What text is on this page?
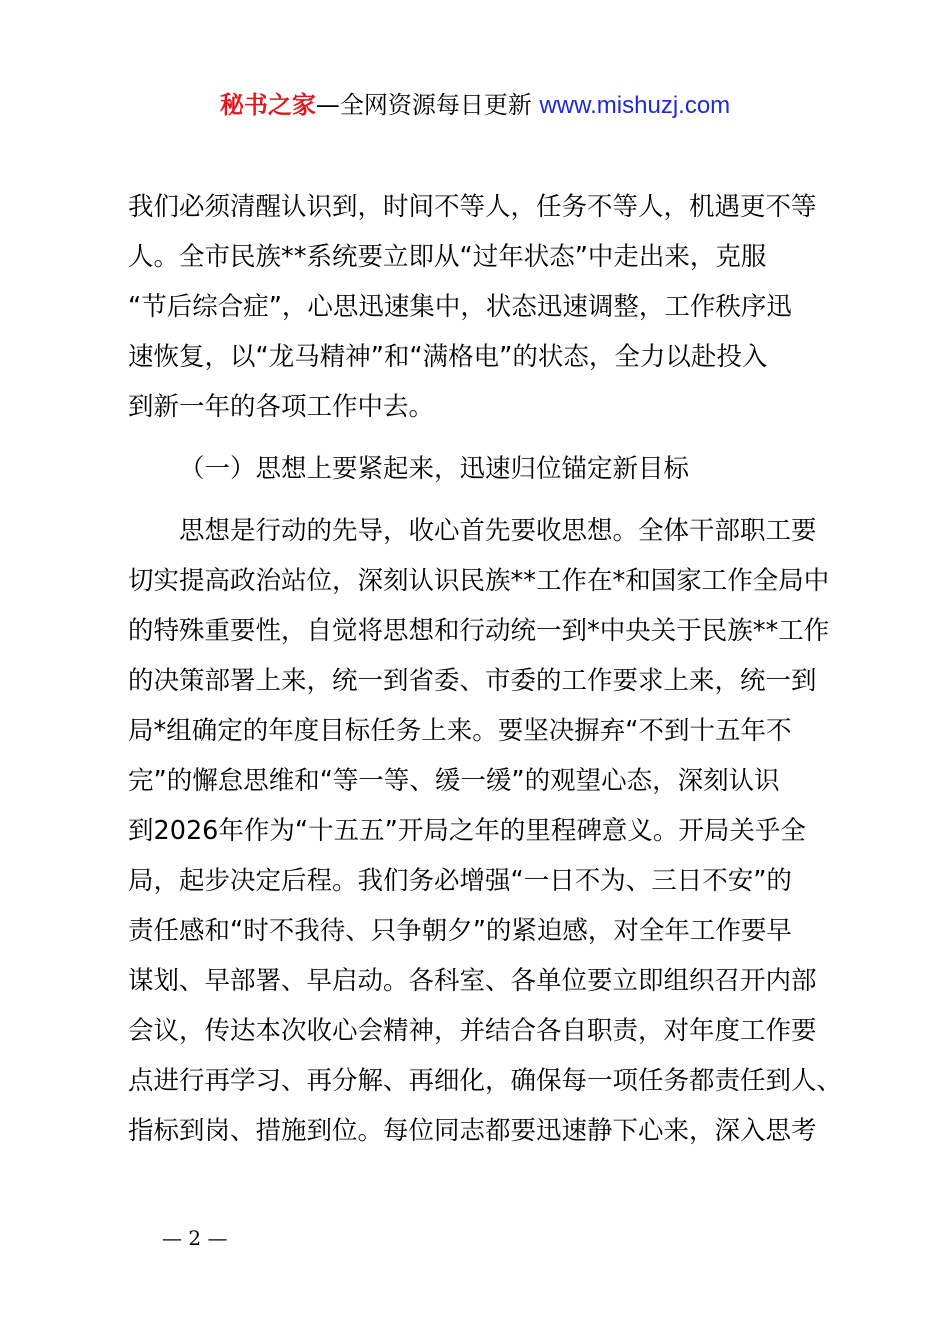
秘书之家—全网资源每日更新 www.mishuzj.com
我们必须清醒认识到，时间不等人，任务不等人，机遇更不等
人。全市民族**系统要立即从“过年状态”中走出来，克服
“节后综合症”，心思迅速集中，状态迅速调整，工作秩序迅
速恢复，以“龙马精神”和“满格电”的状态，全力以赴投入
到新一年的各项工作中去。
（一）思想上要紧起来，迅速归位锚定新目标
思想是行动的先导，收心首先要收思想。全体干部职工要
切实提高政治站位，深刻认识民族**工作在*和国家工作全局中
的特殊重要性，自觉将思想和行动统一到*中央关于民族**工作
的决策部署上来，统一到省委、市委的工作要求上来，统一到
局*组确定的年度目标任务上来。要坚决摒弃“不到十五年不
完”的懈怠思维和“等一等、缓一缓”的观望心态，深刻认识
到2026年作为“十五五”开局之年的里程碑意义。开局关乎全
局，起步决定后程。我们务必增强“一日不为、三日不安”的
责任感和“时不我待、只争朝夕”的紧迫感，对全年工作要早
谋划、早部署、早启动。各科室、各单位要立即组织召开内部
会议，传达本次收心会精神，并结合各自职责，对年度工作要
点进行再学习、再分解、再细化，确保每一项任务都责任到人、
指标到岗、措施到位。每位同志都要迅速静下心来，深入思考
— 2 —
